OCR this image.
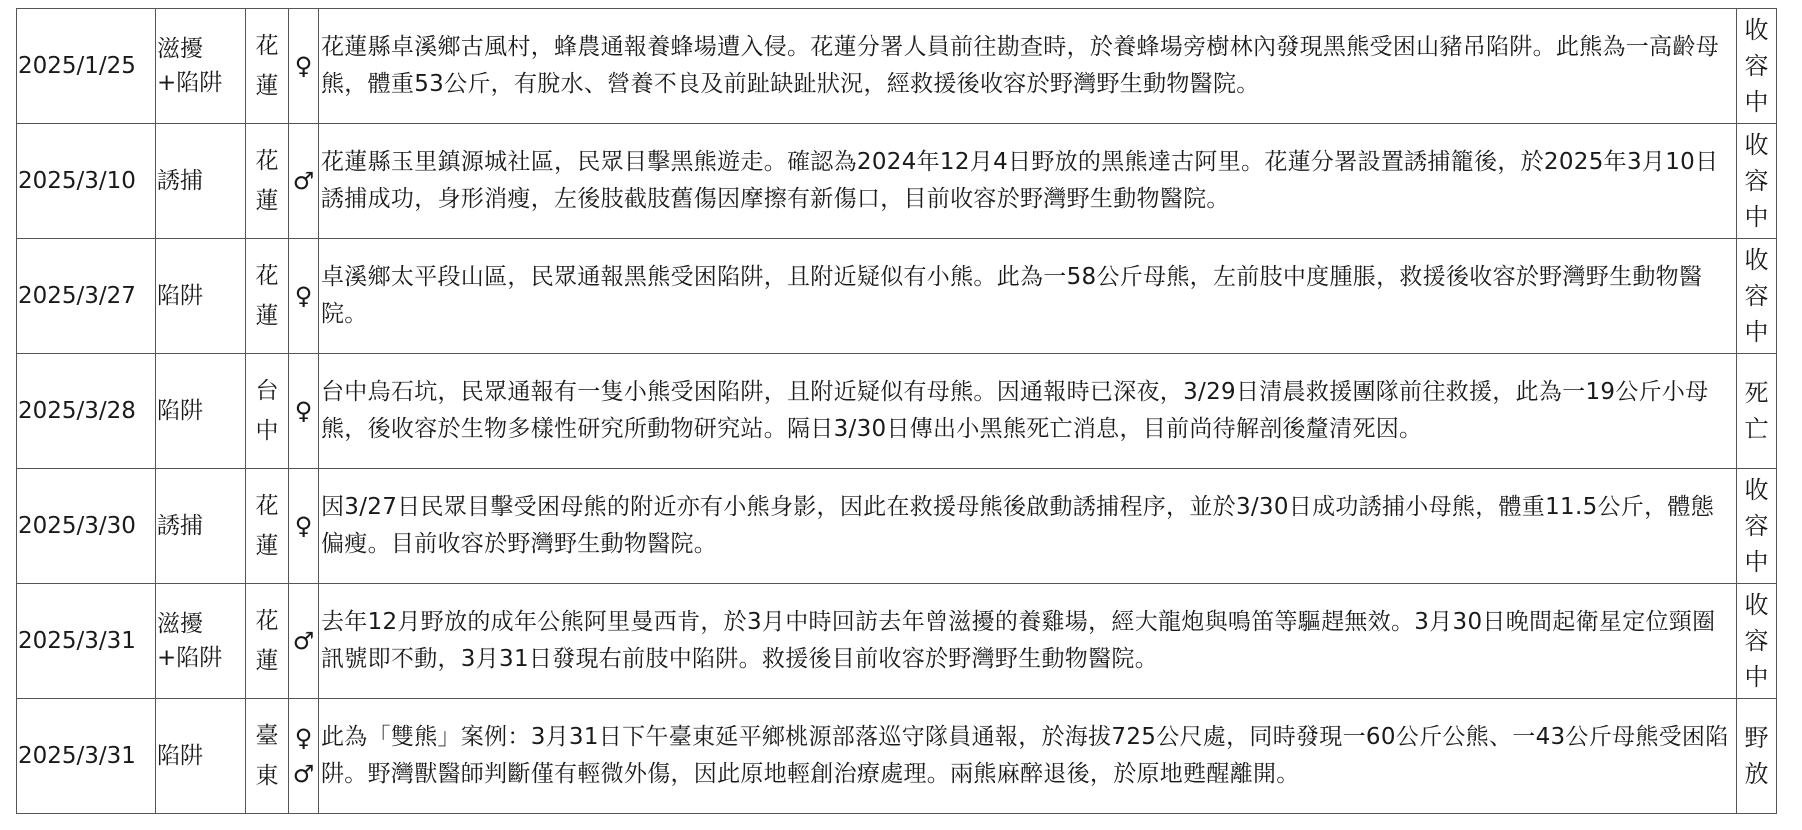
2025/1/25	滋擾
+陷阱	花
蓮	♀	花蓮縣卓溪鄉古風村，蜂農通報養蜂場遭入侵。花蓮分署人員前往勘查時，於養蜂場旁樹林內發現黑熊受困山豬吊陷阱。此熊為一高齡母熊，體重53公斤，有脫水、營養不良及前趾缺趾狀況，經救援後收容於野灣野生動物醫院。	收
容
中

2025/3/10	誘捕	花
蓮	♂	花蓮縣玉里鎮源城社區，民眾目擊黑熊遊走。確認為2024年12月4日野放的黑熊達古阿里。花蓮分署設置誘捕籠後，於2025年3月10日誘捕成功，身形消瘦，左後肢截肢舊傷因摩擦有新傷口，目前收容於野灣野生動物醫院。	收
容
中

2025/3/27	陷阱	花
蓮	♀	卓溪鄉太平段山區，民眾通報黑熊受困陷阱，且附近疑似有小熊。此為一58公斤母熊，左前肢中度腫脹，救援後收容於野灣野生動物醫院。	收
容
中

2025/3/28	陷阱	台
中	♀	台中烏石坑，民眾通報有一隻小熊受困陷阱，且附近疑似有母熊。因通報時已深夜，3/29日清晨救援團隊前往救援，此為一19公斤小母熊，後收容於生物多樣性研究所動物研究站。隔日3/30日傳出小黑熊死亡消息，目前尚待解剖後釐清死因。	死
亡

2025/3/30	誘捕	花
蓮	♀	因3/27日民眾目擊受困母熊的附近亦有小熊身影，因此在救援母熊後啟動誘捕程序，並於3/30日成功誘捕小母熊，體重11.5公斤，體態偏瘦。目前收容於野灣野生動物醫院。	收
容
中

2025/3/31	滋擾
+陷阱	花
蓮	♂	去年12月野放的成年公熊阿里曼西肯，於3月中時回訪去年曾滋擾的養雞場，經大龍炮與鳴笛等驅趕無效。3月30日晚間起衛星定位頸圈訊號即不動，3月31日發現右前肢中陷阱。救援後目前收容於野灣野生動物醫院。	收
容
中

2025/3/31	陷阱	臺
東	♀
♂	此為「雙熊」案例：3月31日下午臺東延平鄉桃源部落巡守隊員通報，於海拔725公尺處，同時發現一60公斤公熊、一43公斤母熊受困陷阱。野灣獸醫師判斷僅有輕微外傷，因此原地輕創治療處理。兩熊麻醉退後，於原地甦醒離開。	野
放
